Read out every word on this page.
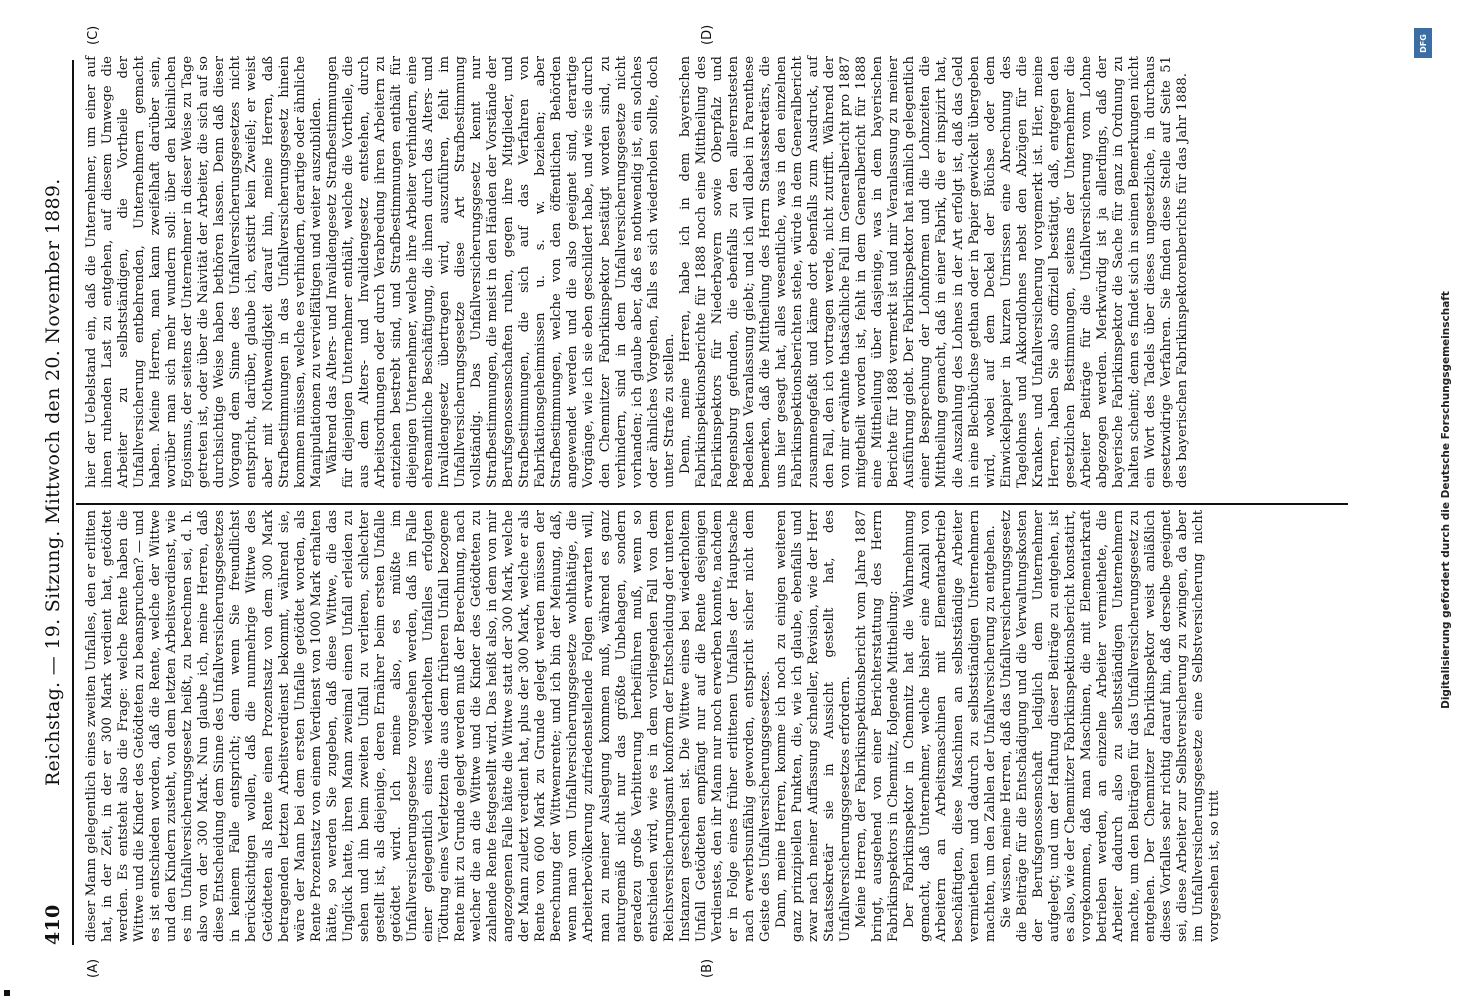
410
Reichstag. — 19. Sitzung. Mittwoch den 20. November 1889.
(A)	(B)
(C)	(D)

dieser Mann gelegentlich eines zweiten Unfalles, den er erlitten hat, in der Zeit, in der er 300 Mark verdient hat, getödtet werden. Es entsteht also die Frage: welche Rente haben die Wittwe und die Kinder des Getödteten zu beanspruchen? — und es ist entschieden worden, daß die Rente, welche der Wittwe und den Kindern zusteht, von dem letzten Arbeitsverdienst, wie es im Unfallversicherungsgesetz heißt, zu berechnen sei, d. h. also von der 300 Mark. Nun glaube ich, meine Herren, daß diese Entscheidung dem Sinne des Unfallversicherungsgesetzes in keinem Falle entspricht; denn wenn Sie freundlichst berücksichtigen wollen, daß die nunmehrige Wittwe des Getödteten als Rente einen Prozentsatz von dem 300 Mark betragenden letzten Arbeitsverdienst bekommt, während sie, wäre der Mann bei dem ersten Unfalle getödtet worden, als Rente Prozentsatz von einem Verdienst von 1000 Mark erhalten hätte, so werden Sie zugeben, daß diese Wittwe, die das Unglück hatte, ihren Mann zweimal einen Unfall erleiden zu sehen und ihn beim zweiten Unfall zu verlieren, schlechter gestellt ist, als diejenige, deren Ernährer beim ersten Unfalle getödtet wird. Ich meine also, es müßte im Unfallversicherungsgesetze vorgesehen werden, daß im Falle einer gelegentlich eines wiederholten Unfalles erfolgten Tödtung eines Verletzten die aus dem früheren Unfall bezogene Rente mit zu Grunde gelegt werden muß der Berechnung, nach welcher die an die Wittwe und die Kinder des Getödteten zu zahlende Rente festgestellt wird. Das heißt also, in dem von mir angezogenen Falle hätte die Wittwe statt der 300 Mark, welche der Mann zuletzt verdient hat, plus der 300 Mark, welche er als Rente von 600 Mark zu Grunde gelegt werden müssen der Berechnung der Wittwenrente; und ich bin der Meinung, daß, wenn man vom Unfallversicherungsgesetze wohlthätige, die Arbeiterbevölkerung zufriedenstellende Folgen erwarten will, man zu meiner Auslegung kommen muß, während es ganz naturgemäß nicht nur das größte Unbehagen, sondern geradezu große Verbitterung herbeiführen muß, wenn so entschieden wird, wie es in dem vorliegenden Fall von dem Reichsversicherungsamt konform der Entscheidung der unteren Instanzen geschehen ist. Die Wittwe eines bei wiederholtem Unfall Getödteten empfängt nur auf die Rente desjenigen Verdienstes, den ihr Mann nur noch erwerben konnte, nachdem er in Folge eines früher erlittenen Unfalles der Hauptsache nach erwerbsunfähig geworden, entspricht sicher nicht dem Geiste des Unfallversicherungsgesetzes. Dann, meine Herren, komme ich noch zu einigen weiteren ganz prinzipiellen Punkten, die, wie ich glaube, ebenfalls und zwar nach meiner Auffassung schneller, Revision, wie der Herr Staatssekretär sie in Aussicht gestellt hat, des Unfallversicherungsgesetzes erfordern. Meine Herren, der Fabrikinspektionsbericht vom Jahre 1887 bringt, ausgehend von einer Berichterstattung des Herrn Fabrikinspektors in Chemnitz, folgende Mittheilung: Der Fabrikinspektor in Chemnitz hat die Wahrnehmung gemacht, daß Unternehmer, welche bisher eine Anzahl von Arbeitern an Arbeitsmaschinen mit Elementarbetrieb beschäftigten, diese Maschinen an selbstständige Arbeiter vermietheten und dadurch zu selbstständigen Unternehmern machten, um den Zahlen der Unfallversicherung zu entgehen. Sie wissen, meine Herren, daß das Unfallversicherungsgesetz die Beiträge für die Entschädigung und die Verwaltungskosten der Berufsgenossenschaft lediglich dem Unternehmer aufgelegt; und um der Haftung dieser Beiträge zu entgehen, ist es also, wie der Chemnitzer Fabrikinspektionsbericht konstatirt, vorgekommen, daß man Maschinen, die mit Elementarkraft betrieben werden, an einzelne Arbeiter vermiethete, die Arbeiter dadurch also zu selbstständigen Unternehmern machte, um den Beiträgen für das Unfallversicherungsgesetz zu entgehen. Der Chemnitzer Fabrikinspektor weist anläßlich dieses Vorfalles sehr richtig darauf hin, daß derselbe geeignet sei, diese Arbeiter zur Selbstversicherung zu zwingen, da aber im Unfallversicherungsgesetze eine Selbstversicherung nicht vorgesehen ist, so tritt

hier der Uebelstand ein, daß die Unternehmer, um einer auf ihnen ruhenden Last zu entgehen, auf diesem Umwege die Arbeiter zu selbstständigen, die Vortheile der Unfallversicherung entbehrenden, Unternehmern gemacht haben. Meine Herren, man kann zweifelhaft darüber sein, worüber man sich mehr wundern soll: über den kleinlichen Egoismus, der seitens der Unternehmer in dieser Weise zu Tage getreten ist, oder über die Naivität der Arbeiter, die sich auf so durchsichtige Weise haben bethören lassen. Denn daß dieser Vorgang dem Sinne des Unfallversicherungsgesetzes nicht entspricht, darüber, glaube ich, existirt kein Zweifel; er weist aber mit Nothwendigkeit darauf hin, meine Herren, daß Strafbestimmungen in das Unfallversicherungsgesetz hinein kommen müssen, welche es verhindern, derartige oder ähnliche Manipulationen zu vervielfältigen und weiter auszubilden. Während das Alters- und Invalidengesetz Strafbestimmungen für diejenigen Unternehmer enthält, welche die Vortheile, die aus dem Alters- und Invalidengesetz entstehen, durch Arbeitsordnungen oder durch Verabredung ihren Arbeitern zu entziehen bestrebt sind, und Strafbestimmungen enthält für diejenigen Unternehmer, welche ihre Arbeiter verhindern, eine ehrenamtliche Beschäftigung, die ihnen durch das Alters- und Invalidengesetz übertragen wird, auszuführen, fehlt im Unfallversicherungsgesetze diese Art Strafbestimmung vollständig. Das Unfallversicherungsgesetz kennt nur Strafbestimmungen, die meist in den Händen der Vorstände der Berufsgenossenschaften ruhen, gegen ihre Mitglieder, und Strafbestimmungen, die sich auf das Verfahren von Fabrikationsgeheimnissen u. s. w. beziehen; aber Strafbestimmungen, welche von den öffentlichen Behörden angewendet werden und die also geeignet sind, derartige Vorgänge, wie ich sie eben geschildert habe, und wie sie durch den Chemnitzer Fabrikinspektor bestätigt worden sind, zu verhindern, sind in dem Unfallversicherungsgesetze nicht vorhanden; ich glaube aber, daß es nothwendig ist, ein solches oder ähnliches Vorgehen, falls es sich wiederholen sollte, doch unter Strafe zu stellen. Denn, meine Herren, habe ich in dem bayerischen Fabrikinspektionsberichte für 1888 noch eine Mittheilung des Fabrikinspektors für Niederbayern sowie Oberpfalz und Regensburg gefunden, die ebenfalls zu den allerernstesten Bedenken Veranlassung giebt; und ich will dabei in Parenthese bemerken, daß die Mittheilung des Herrn Staatssekretärs, die uns hier gesagt hat, alles wesentliche, was in den einzelnen Fabrikinspektionsberichten stehe, würde in dem Generalbericht zusammengefaßt und käme dort ebenfalls zum Ausdruck, auf den Fall, den ich vortragen werde, nicht zutrifft. Während der von mir erwähnte thatsächliche Fall im Generalbericht pro 1887 mitgetheilt worden ist, fehlt in dem Generalbericht für 1888 eine Mittheilung über dasjenige, was in dem bayerischen Berichte für 1888 vermerkt ist und mir Veranlassung zu meiner Ausführung giebt. Der Fabrikinspektor hat nämlich gelegentlich einer Besprechung der Lohnformen und die Lohnzeiten die Mittheilung gemacht, daß in einer Fabrik, die er inspizirt hat, die Auszahlung des Lohnes in der Art erfolgt ist, daß das Geld in eine Blechbüchse gethan oder in Papier gewickelt übergeben wird, wobei auf dem Deckel der Büchse oder dem Einwickelpapier in kurzen Umrissen eine Abrechnung des Tagelohnes und Akkordlohnes nebst den Abzügen für die Kranken- und Unfallversicherung vorgemerkt ist. Hier, meine Herren, haben Sie also offiziell bestätigt, daß, entgegen den gesetzlichen Bestimmungen, seitens der Unternehmer die Arbeiter Beiträge für die Unfallversicherung vom Lohne abgezogen werden. Merkwürdig ist ja allerdings, daß der bayerische Fabrikinspektor die Sache für ganz in Ordnung zu halten scheint; denn es findet sich in seinen Bemerkungen nicht ein Wort des Tadels über dieses ungesetzliche, in durchaus gesetzwidrige Verfahren. Sie finden diese Stelle auf Seite 51 des bayerischen Fabrikinspektorenberichts für das Jahr 1888.

Digitalisierung gefördert durch die Deutsche Forschungsgemeinschaft
DFG
